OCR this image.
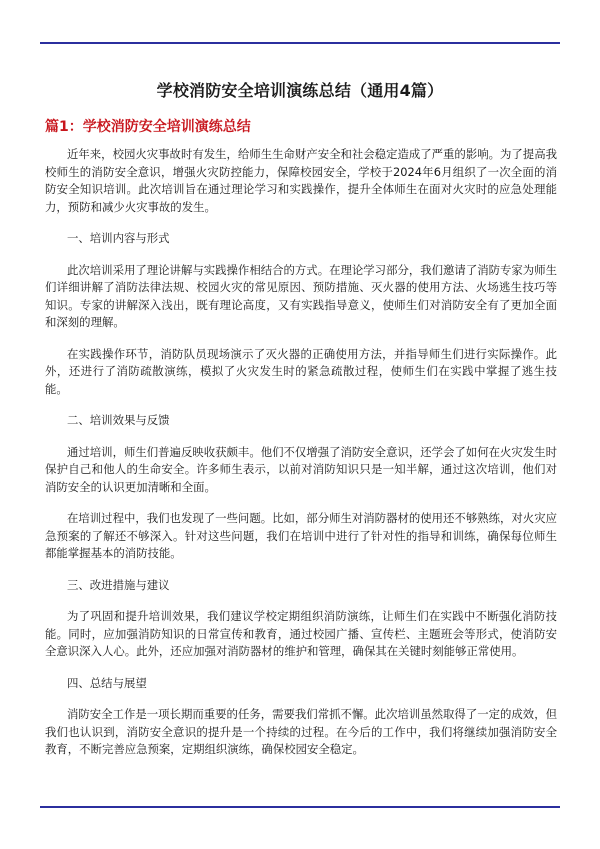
学校消防安全培训演练总结（通用4篇）
篇1：学校消防安全培训演练总结

近年来，校园火灾事故时有发生，给师生生命财产安全和社会稳定造成了严重的影响。为了提高我校师生的消防安全意识，增强火灾防控能力，保障校园安全，学校于2024年6月组织了一次全面的消防安全知识培训。此次培训旨在通过理论学习和实践操作，提升全体师生在面对火灾时的应急处理能力，预防和减少火灾事故的发生。

一、培训内容与形式

此次培训采用了理论讲解与实践操作相结合的方式。在理论学习部分，我们邀请了消防专家为师生们详细讲解了消防法律法规、校园火灾的常见原因、预防措施、灭火器的使用方法、火场逃生技巧等知识。专家的讲解深入浅出，既有理论高度，又有实践指导意义，使师生们对消防安全有了更加全面和深刻的理解。

在实践操作环节，消防队员现场演示了灭火器的正确使用方法，并指导师生们进行实际操作。此外，还进行了消防疏散演练，模拟了火灾发生时的紧急疏散过程，使师生们在实践中掌握了逃生技能。

二、培训效果与反馈

通过培训，师生们普遍反映收获颇丰。他们不仅增强了消防安全意识，还学会了如何在火灾发生时保护自己和他人的生命安全。许多师生表示，以前对消防知识只是一知半解，通过这次培训，他们对消防安全的认识更加清晰和全面。

在培训过程中，我们也发现了一些问题。比如，部分师生对消防器材的使用还不够熟练，对火灾应急预案的了解还不够深入。针对这些问题，我们在培训中进行了针对性的指导和训练，确保每位师生都能掌握基本的消防技能。

三、改进措施与建议

为了巩固和提升培训效果，我们建议学校定期组织消防演练，让师生们在实践中不断强化消防技能。同时，应加强消防知识的日常宣传和教育，通过校园广播、宣传栏、主题班会等形式，使消防安全意识深入人心。此外，还应加强对消防器材的维护和管理，确保其在关键时刻能够正常使用。

四、总结与展望

消防安全工作是一项长期而重要的任务，需要我们常抓不懈。此次培训虽然取得了一定的成效，但我们也认识到，消防安全意识的提升是一个持续的过程。在今后的工作中，我们将继续加强消防安全教育，不断完善应急预案，定期组织演练，确保校园安全稳定。
